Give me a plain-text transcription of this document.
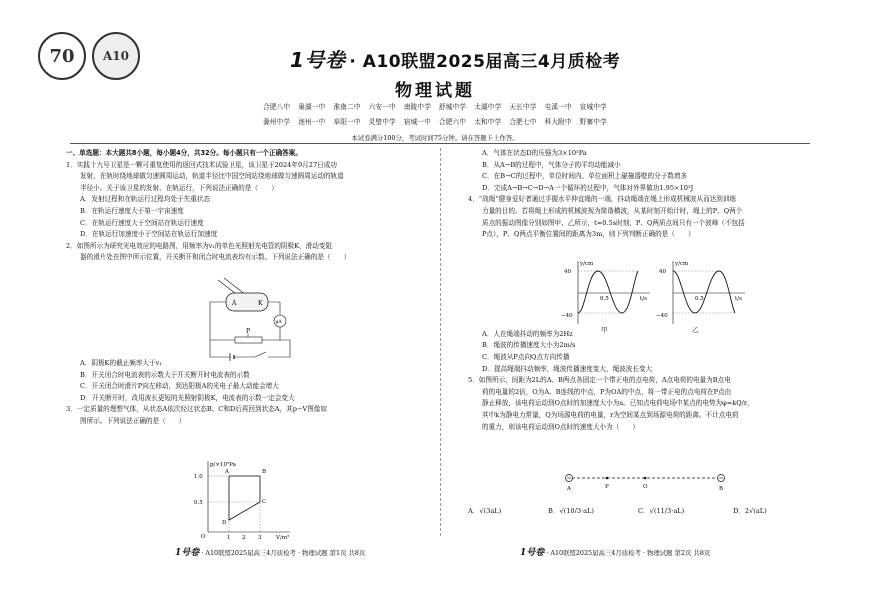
70 A10	1号卷 · A10联盟2025届高三4月质检考
物理试题
合肥八中 巢湖一中 淮南二中 六安一中 南陵中学 舒城中学 太湖中学 天长中学 屯溪一中 宣城中学
滁州中学 池州一中 阜阳一中 灵璧中学 宿城一中 合肥六中 太和中学 合肥七中 科大附中 野寨中学
本试卷满分100分，考试时间75分钟。请在答题卡上作答。

一、单选题：本大题共8小题，每小题4分，共32分。每小题只有一个正确答案。

1．实践十九号卫星是一颗可重复使用的返回式技术试验卫星，该卫星于2024年9月27日成功

发射，在轨时绕地球做匀速圆周运动，轨道半径比中国空间站绕地球做匀速圆周运动的轨道

半径小。关于该卫星的发射、在轨运行，下列说法正确的是（　　）

A．发射过程和在轨运行过程均处于失重状态

B．在轨运行速度大于第一宇宙速度

C．在轨运行速度大于空间站在轨运行速度

D．在轨运行加速度小于空间站在轨运行加速度

2．如图所示为研究光电效应的电路图，用频率为v₁的单色光照射光电管的阴极K，滑动变阻

器的滑片处在图中所示位置，开关断开和闭合时电流表均有示数。下列说法正确的是（　　）

A．阴极K的截止频率大于v₁

B．开关闭合时电流表的示数大于开关断开时电流表的示数

C．开关闭合时滑片P向左移动，到达阳极A的光电子最大动能会增大

D．开关断开时，改用波长更短的光照射阴极K，电流表的示数一定会变大

3．一定质量的理想气体，从状态A依次经过状态B、C和D后再回到状态A，其p−V图像如

图所示。下列说法正确的是（　　）

A	K
μA
P
p/×10⁵Pa
V/m³
O
1.0
0.5
1 2 3
A	B
C
D

A．气体在状态D的压强为3×10⁵Pa

B．从A→B的过程中，气体分子的平均动能减小

C．在B→C的过程中，单位时间内、单位面积上碰撞器壁的分子数增多

D．完成A→B→C→D→A一个循环的过程中，气体对外界做功1.95×10³J

4．“战绳”健身爱好者通过手握水平伸直绳的一端，抖动绳端在绳上形成机械波从而达到训练

力量的目的。若将绳上形成的机械波视为简谐横波，从某时刻开始计时，绳上的P、Q两个

质点的振动图像分别如图甲、乙所示，t=0.5s时刻，P、Q两质点间只有一个波峰（不包括

P点），P、Q两点平衡位置间的距离为3m，则下列判断正确的是（　　）

A．人在绳端抖动的频率为2Hz

B．绳波的传播速度大小为2m/s

C．绳波从P点向Q点方向传播

D．提高绳端抖动频率，绳波传播速度变大，绳波波长变大

5．如图所示，间距为2L的A、B两点各固定一个带正电的点电荷，A点电荷的电量为B点电

荷的电量的2倍，O为A、B连线的中点，P为OA的中点，将一带正电的点电荷在P点由

静止释放，该电荷运动到O点时的加速度大小为a。已知点电荷电场中某点的电势为φ=kQ/r，

其中k为静电力常量，Q为场源电荷的电量，r为空间某点到场源电荷的距离。不计点电荷

的重力，则该电荷运动到O点时的速度大小为（　　）

y/cm
t/s
40
−40
0.5
甲
y/cm
t/s
40
−40
0.5
乙
A	P	O	B
A．√(3aL)	B．√(10/3·aL)	C．√(11/3·aL)	D．2√(aL)
1号卷 · A10联盟2025届高三4月质检考 · 物理试题 第1页 共8页	1号卷 · A10联盟2025届高三4月质检考 · 物理试题 第2页 共8页
